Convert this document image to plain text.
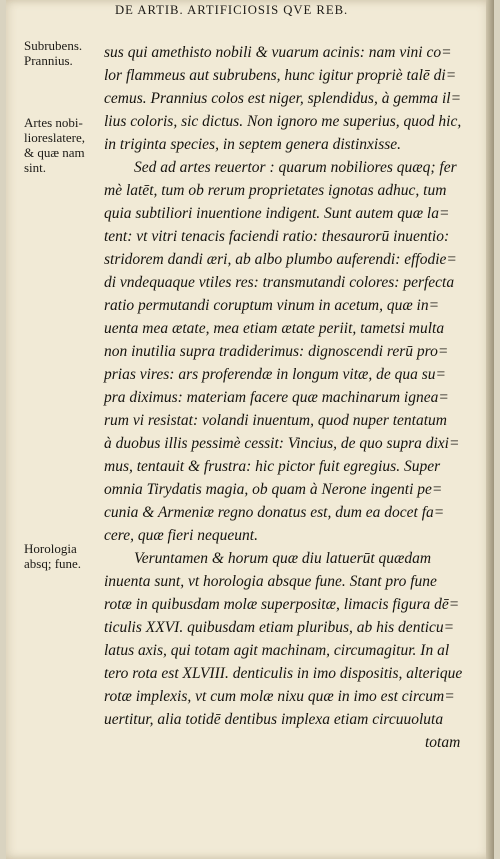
DE ARTIB. ARTIFICIOSIS QVE REB.
Subrubens.
Prannius.
Artes nobi-
lioreslatere,
& quæ nam
sint.
Horologia
absq; fune.
sus qui amethisto nobili & vuarum acinis: nam vini co=
lor flammeus aut subrubens, hunc igitur propriè talē di=
cemus. Prannius colos est niger, splendidus, à gemma il=
lius coloris, sic dictus. Non ignoro me superius, quod hic,
in triginta species, in septem genera distinxisse.
Sed ad artes reuertor : quarum nobiliores quæq; fer
mè latēt, tum ob rerum proprietates ignotas adhuc, tum
quia subtiliori inuentione indigent. Sunt autem quæ la=
tent: vt vitri tenacis faciendi ratio: thesaurorū inuentio:
stridorem dandi æri, ab albo plumbo auferendi: effodie=
di vndequaque vtiles res: transmutandi colores: perfecta
ratio permutandi coruptum vinum in acetum, quæ in=
uenta mea ætate, mea etiam ætate periit, tametsi multa
non inutilia supra tradiderimus: dignoscendi rerū pro=
prias vires: ars proferendæ in longum vitæ, de qua su=
pra diximus: materiam facere quæ machinarum ignea=
rum vi resistat: volandi inuentum, quod nuper tentatum
à duobus illis pessimè cessit: Vincius, de quo supra dixi=
mus, tentauit & frustra: hic pictor fuit egregius. Super
omnia Tirydatis magia, ob quam à Nerone ingenti pe=
cunia & Armeniæ regno donatus est, dum ea docet fa=
cere, quæ fieri nequeunt.
Veruntamen & horum quæ diu latuerūt quædam
inuenta sunt, vt horologia absque fune. Stant pro fune
rotæ in quibusdam molæ superpositæ, limacis figura dē=
ticulis XXVI. quibusdam etiam pluribus, ab his denticu=
latus axis, qui totam agit machinam, circumagitur. In al
tero rota est XLVIII. denticulis in imo dispositis, alterique
rotæ implexis, vt cum molæ nixu quæ in imo est circum=
uertitur, alia totidē dentibus implexa etiam circuuoluta
totam
